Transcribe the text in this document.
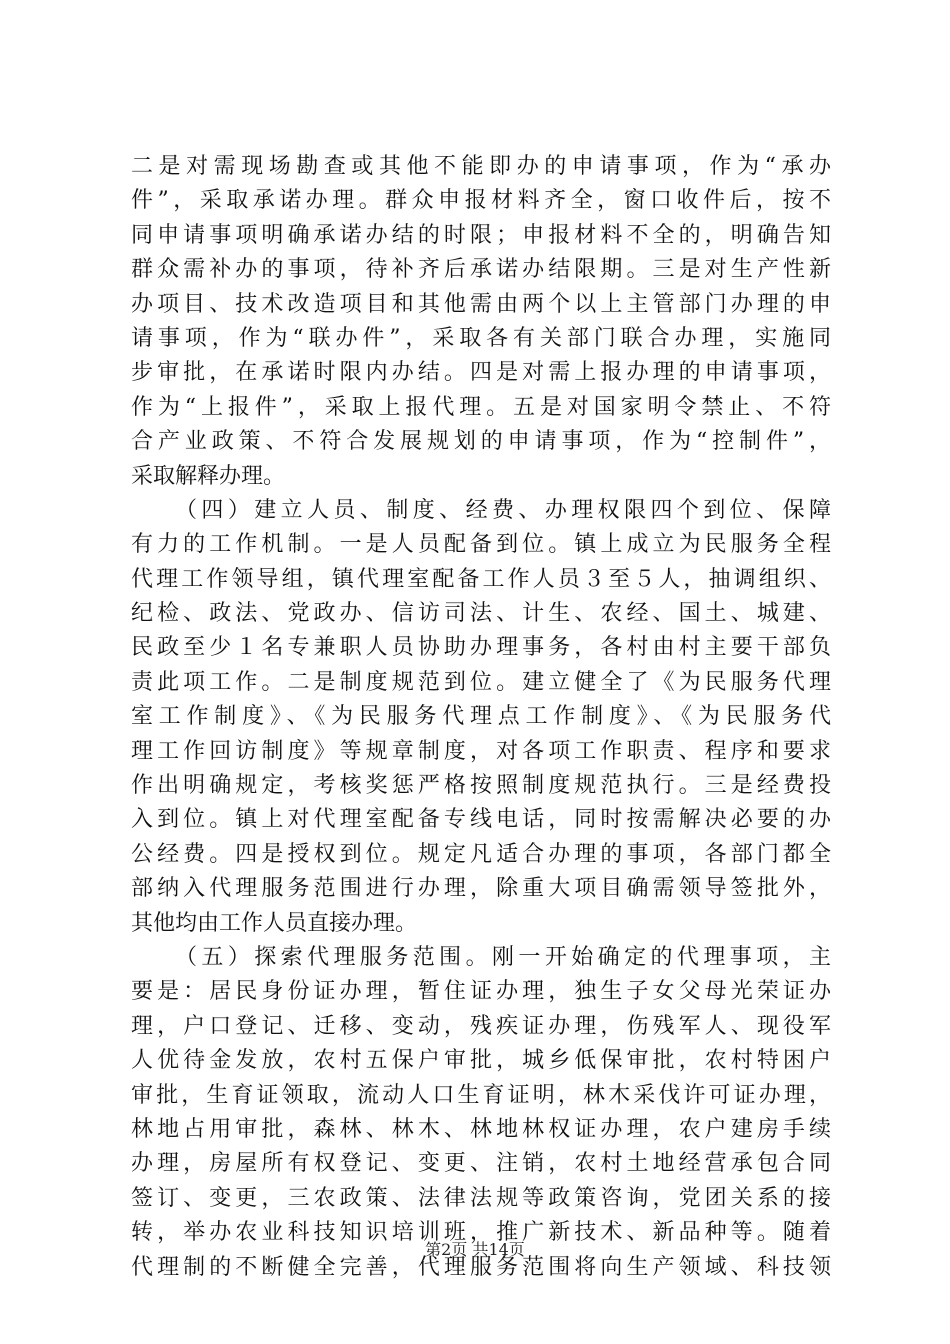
二是对需现场勘查或其他不能即办的申请事项，作为“承办
件”，采取承诺办理。群众申报材料齐全，窗口收件后，按不
同申请事项明确承诺办结的时限；申报材料不全的，明确告知
群众需补办的事项，待补齐后承诺办结限期。三是对生产性新
办项目、技术改造项目和其他需由两个以上主管部门办理的申
请事项，作为“联办件”，采取各有关部门联合办理，实施同
步审批，在承诺时限内办结。四是对需上报办理的申请事项，
作为“上报件”，采取上报代理。五是对国家明令禁止、不符
合产业政策、不符合发展规划的申请事项，作为“控制件”，
采取解释办理。
（四）建立人员、制度、经费、办理权限四个到位、保障
有力的工作机制。一是人员配备到位。镇上成立为民服务全程
代理工作领导组，镇代理室配备工作人员３至５人，抽调组织、
纪检、政法、党政办、信访司法、计生、农经、国土、城建、
民政至少１名专兼职人员协助办理事务，各村由村主要干部负
责此项工作。二是制度规范到位。建立健全了《为民服务代理
室工作制度》、《为民服务代理点工作制度》、《为民服务代
理工作回访制度》等规章制度，对各项工作职责、程序和要求
作出明确规定，考核奖惩严格按照制度规范执行。三是经费投
入到位。镇上对代理室配备专线电话，同时按需解决必要的办
公经费。四是授权到位。规定凡适合办理的事项，各部门都全
部纳入代理服务范围进行办理，除重大项目确需领导签批外，
其他均由工作人员直接办理。
（五）探索代理服务范围。刚一开始确定的代理事项，主
要是：居民身份证办理，暂住证办理，独生子女父母光荣证办
理，户口登记、迁移、变动，残疾证办理，伤残军人、现役军
人优待金发放，农村五保户审批，城乡低保审批，农村特困户
审批，生育证领取，流动人口生育证明，林木采伐许可证办理，
林地占用审批，森林、林木、林地林权证办理，农户建房手续
办理，房屋所有权登记、变更、注销，农村土地经营承包合同
签订、变更，三农政策、法律法规等政策咨询，党团关系的接
转，举办农业科技知识培训班，推广新技术、新品种等。随着
代理制的不断健全完善，代理服务范围将向生产领域、科技领
第2页 共14页
